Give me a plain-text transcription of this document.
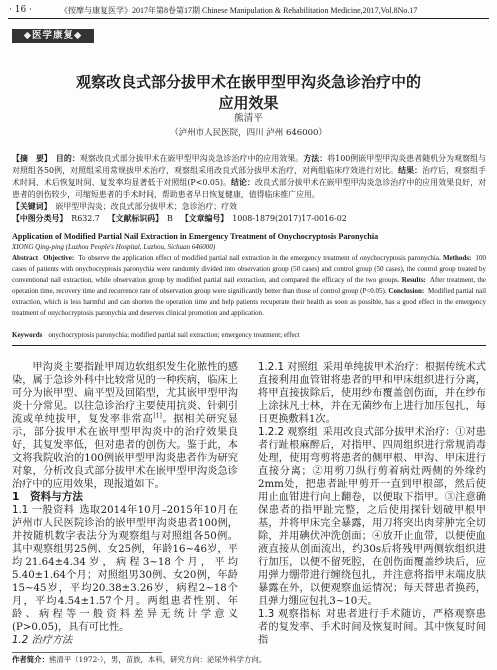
· 16 ·	《按摩与康复医学》2017年第8卷第17期 Chinese Manipulation & Rehabilitation Medicine,2017,Vol.8No.17
◆医学康复◆
观察改良式部分拔甲术在嵌甲型甲沟炎急诊治疗中的
应用效果
熊清平
（泸州市人民医院，四川 泸州 646000）

【摘　要】 目的：观察改良式部分拔甲术在嵌甲型甲沟炎急诊治疗中的应用效果。方法：将100例嵌甲型甲沟炎患者随机分为观察组与对照组各50例，对照组采用常规拔甲术治疗，观察组采用改良式部分拔甲术治疗，对两组临床疗效进行对比。结果：治疗后，观察组手术时间、术后恢复时间、复发率均显著低于对照组(P<0.05)。结论：改良式部分拔甲术在嵌甲型甲沟炎急诊治疗中的应用效果良好，对患者的创伤较少，可缩短患者的手术时间，帮助患者早日恢复健康，值得临床推广应用。

【关键词】 嵌甲型甲沟炎；改良式部分拔甲术；急诊治疗；疗效

【中图分类号】 R632.7 【文献标识码】 B 【文章编号】 1008-1879(2017)17-0016-02

Application of Modified Partial Nail Extraction in Emergency Treatment of Onychocryptosis Paronychia
XIONG Qing-ping (Luzhou People's Hospital, Luzhou, Sichuan 646000)

Abstract Objective: To observe the application effect of modified partial nail extraction in the emergency treatment of onychocryptosis paronychia. Methods: 100 cases of patients with onychocryptosis paronychia were randomly divided into observation group (50 cases) and control group (50 cases), the control group treated by conventional nail extraction, while observation group by modified partial nail extraction, and compared the efficacy of the two groups. Results: After treatment, the operation time, recovery time and recurrence rate of observation group were significantly better than those of control group (P<0.05). Conclusion: Modified partial nail extraction, which is less harmful and can shorten the operation time and help patients recuperate their health as soon as possible, has a good effect in the emergency treatment of onychocryptosis paronychia and deserves clinical promotion and application.

Keywords onychocryptosis paronychia; modified partial nail extraction; emergency treatment; effect

甲沟炎主要指趾甲周边软组织发生化脓性的感染，属于急诊外科中比较常见的一种疾病，临床上可分为嵌甲型、扁平型及回陷型，尤其嵌甲型甲沟炎十分常见。以往急诊治疗主要使用抗炎、针刺引流或单纯拔甲，复发率非常高[1]。据相关研究显示，部分拔甲术在嵌甲型甲沟炎中的治疗效果良好，其复发率低，但对患者的创伤大。鉴于此，本文将我院收治的100例嵌甲型甲沟炎患者作为研究对象，分析改良式部分拔甲术在嵌甲型甲沟炎急诊治疗中的应用效果，现报道如下。

1　资料与方法

1.1 一般资料 选取2014年10月–2015年10月在泸州市人民医院诊治的嵌甲型甲沟炎患者100例，并按随机数字表法分为观察组与对照组各50例。其中观察组男25例、女25例，年龄16~46岁，平均21.64±4.34岁，病程3~18个月，平均5.40±1.64个月；对照组男30例、女20例，年龄15~45岁，平均20.38±3.26岁，病程2~18个月，平均4.54±1.57个月。两组患者性别、年龄、病程等一般资料差异无统计学意义(P>0.05)，具有可比性。

1.2 治疗方法

1.2.1 对照组 采用单纯拔甲术治疗：根据传统术式直接利用血管钳将患者的甲和甲床组织进行分离，将甲直接拔除后，使用纱布覆盖创伤面，并在纱布上涂抹凡士林，并在无菌纱布上进行加压包扎，每日更换敷料1次。

1.2.2 观察组 采用改良式部分拔甲术治疗：①对患者行趾根麻醉后，对指甲、四周组织进行常规消毒处理，使用弯剪将患者的侧甲根、甲沟、甲床进行直接分离；②用剪刀纵行剪着病灶两侧的外缘约2mm处，把患者趾甲剪开一直到甲根部，然后使用止血钳进行向上翻卷，以便取下指甲。③注意确保患者的指甲趾完整，之后使用探针划破甲根甲基，并将甲床完全暴露，用刀将突出肉芽肿完全切除，并用碘伏冲洗创面；④放开止血带，以便使血液直接从创面流出，约30s后将残甲两侧软组织进行加压，以便不留死腔，在创伤面覆盖纱块后，应用弹力绷带进行缠绕包扎，并注意将指甲末端皮肤暴露在外，以便观察血运情况；每天替患者换药，且弹力绷应包扎3~10天。

1.3 观察指标 对患者进行手术随访，严格观察患者的复发率、手术时间及恢复时间。其中恢复时间指

作者简介：熊清平（1972-），男，苗族，本科，研究方向：泌尿外科学方向。
